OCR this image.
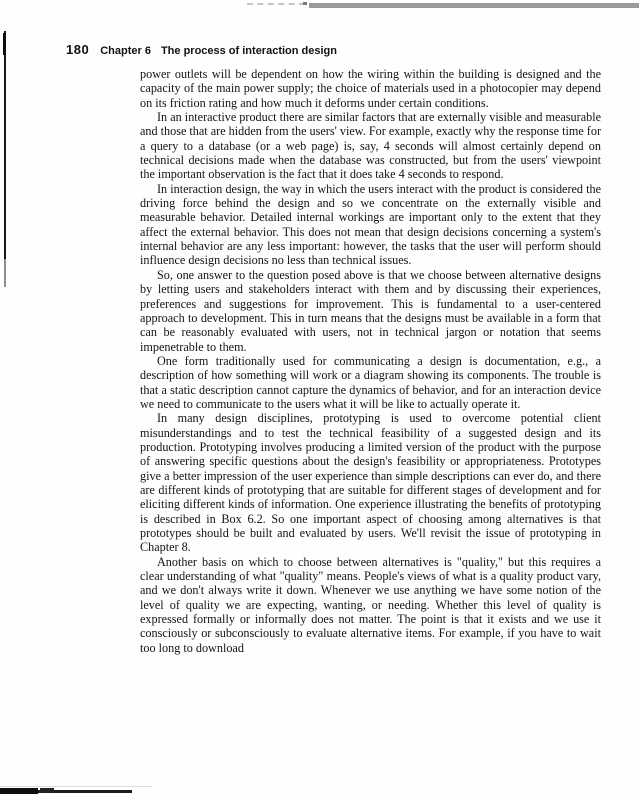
180 Chapter 6 The process of interaction design

power outlets will be dependent on how the wiring within the building is designed and the capacity of the main power supply; the choice of materials used in a photocopier may depend on its friction rating and how much it deforms under certain conditions.

In an interactive product there are similar factors that are externally visible and measurable and those that are hidden from the users' view. For example, exactly why the response time for a query to a database (or a web page) is, say, 4 seconds will almost certainly depend on technical decisions made when the database was constructed, but from the users' viewpoint the important observation is the fact that it does take 4 seconds to respond.

In interaction design, the way in which the users interact with the product is considered the driving force behind the design and so we concentrate on the externally visible and measurable behavior. Detailed internal workings are important only to the extent that they affect the external behavior. This does not mean that design decisions concerning a system's internal behavior are any less important: however, the tasks that the user will perform should influence design decisions no less than technical issues.

So, one answer to the question posed above is that we choose between alternative designs by letting users and stakeholders interact with them and by discussing their experiences, preferences and suggestions for improvement. This is fundamental to a user-centered approach to development. This in turn means that the designs must be available in a form that can be reasonably evaluated with users, not in technical jargon or notation that seems impenetrable to them.

One form traditionally used for communicating a design is documentation, e.g., a description of how something will work or a diagram showing its components. The trouble is that a static description cannot capture the dynamics of behavior, and for an interaction device we need to communicate to the users what it will be like to actually operate it.

In many design disciplines, prototyping is used to overcome potential client misunderstandings and to test the technical feasibility of a suggested design and its production. Prototyping involves producing a limited version of the product with the purpose of answering specific questions about the design's feasibility or appropriateness. Prototypes give a better impression of the user experience than simple descriptions can ever do, and there are different kinds of prototyping that are suitable for different stages of development and for eliciting different kinds of information. One experience illustrating the benefits of prototyping is described in Box 6.2. So one important aspect of choosing among alternatives is that prototypes should be built and evaluated by users. We'll revisit the issue of prototyping in Chapter 8.

Another basis on which to choose between alternatives is "quality," but this requires a clear understanding of what "quality" means. People's views of what is a quality product vary, and we don't always write it down. Whenever we use anything we have some notion of the level of quality we are expecting, wanting, or needing. Whether this level of quality is expressed formally or informally does not matter. The point is that it exists and we use it consciously or subconsciously to evaluate alternative items. For example, if you have to wait too long to download
